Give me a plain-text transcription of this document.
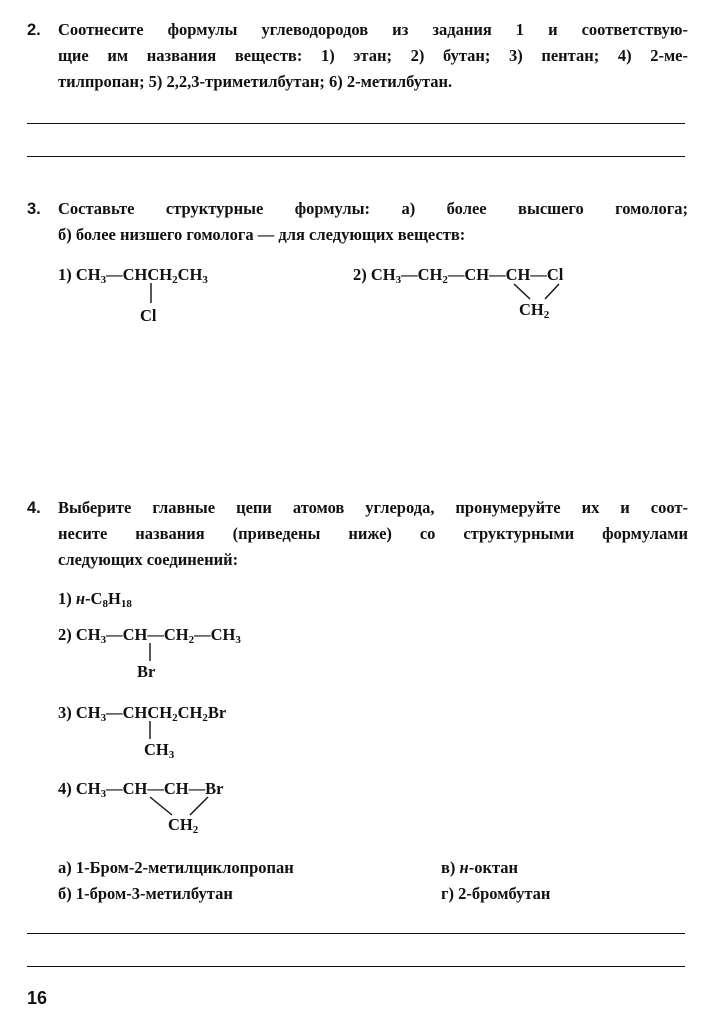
2. Соотнесите формулы углеводородов из задания 1 и соответствую-
щие им названия веществ: 1) этан; 2) бутан; 3) пентан; 4) 2-ме-
тилпропан; 5) 2,2,3-триметилбутан; 6) 2-метилбутан.
3. Составьте структурные формулы: а) более высшего гомолога;
б) более низшего гомолога — для следующих веществ:
1) $CH_3—CHCH_2CH_3$
Cl
2) $CH_3—CH_2—CH—CH—Cl$
$CH_2$
4. Выберите главные цепи атомов углерода, пронумеруйте их и соот-
несите названия (приведены ниже) со структурными формулами
следующих соединений:
1) $н-C_8H_{18}$
2) $CH_3—CH—CH_2—CH_3$
Br
3) $CH_3—CHCH_2CH_2Br$
$CH_3$
4) $CH_3—CH—CH—Br$
$CH_2$
а) 1-Бром-2-метилциклопропан
б) 1-бром-3-метилбутан
в) н-октан
г) 2-бромбутан
16
